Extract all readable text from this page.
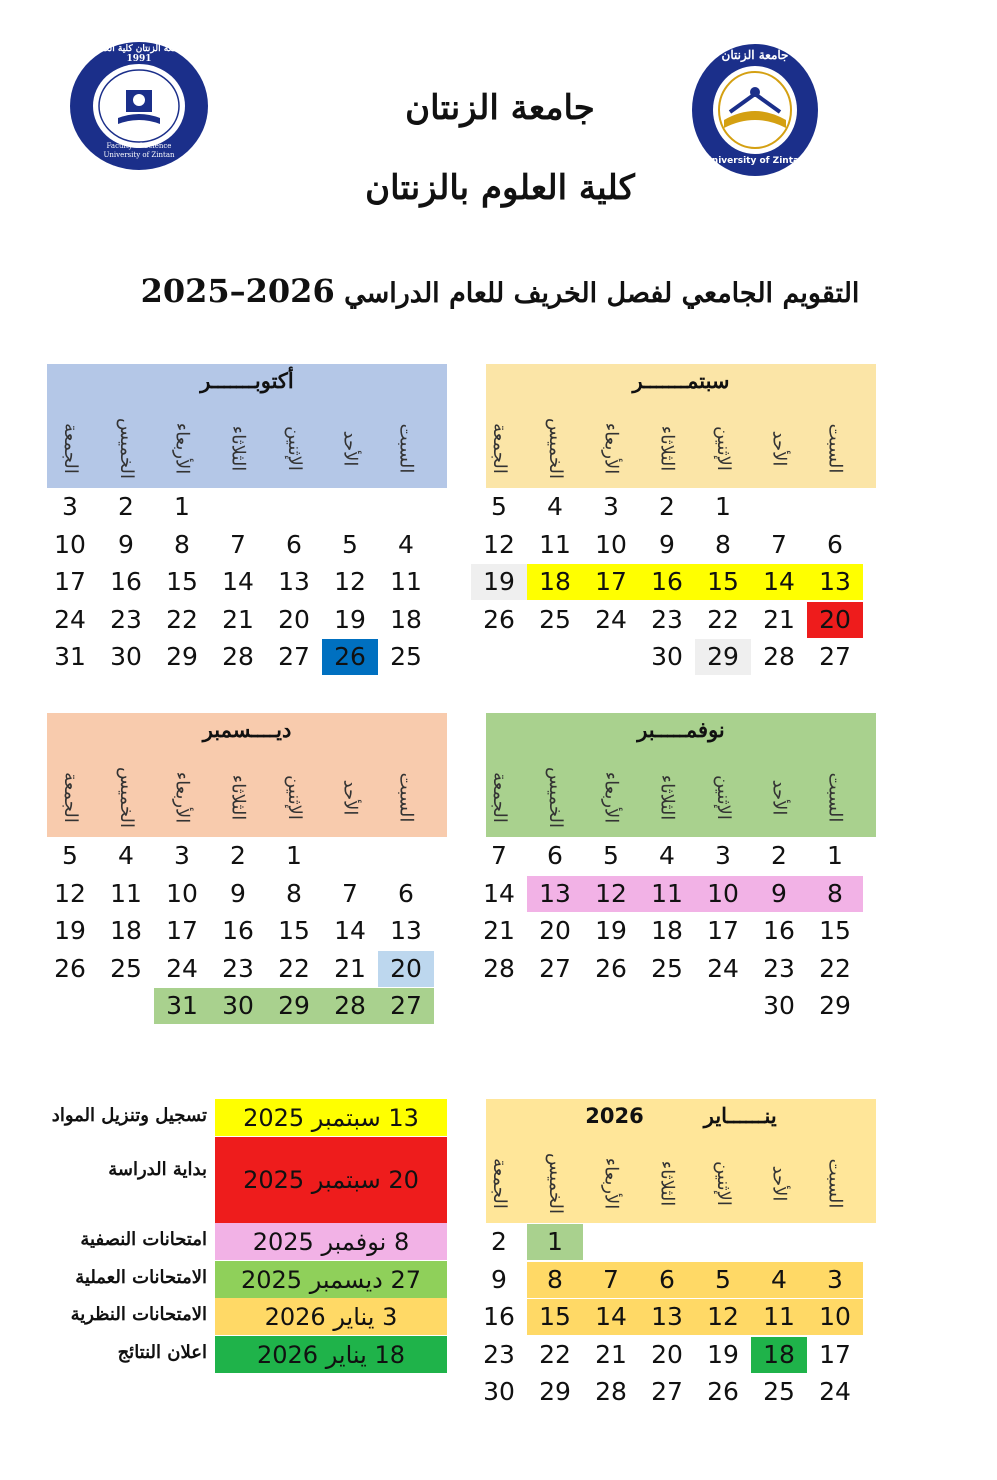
جامعة الزنتان كلية العلوم 1991
Faculty of Science University of Zintan
جامعة الزنتان
University of Zintan
جامعة الزنتان
كلية العلوم بالزنتان
التقويم الجامعي لفصل الخريف للعام الدراسي 2025–2026
سبتمـــــــر
السبت
الأحد
الإثنين
الثلاثاء
الأربعاء
الخميس
الجمعة
1
2
3
4
5
6
7
8
9
10
11
12
13
14
15
16
17
18
19
20
21
22
23
24
25
26
27
28
29
30
أكتوبـــــــر
السبت
الأحد
الإثنين
الثلاثاء
الأربعاء
الخميس
الجمعة
1
2
3
4
5
6
7
8
9
10
11
12
13
14
15
16
17
18
19
20
21
22
23
24
25
26
27
28
29
30
31
نوفمـــــبر
السبت
الأحد
الإثنين
الثلاثاء
الأربعاء
الخميس
الجمعة
1
2
3
4
5
6
7
8
9
10
11
12
13
14
15
16
17
18
19
20
21
22
23
24
25
26
27
28
29
30
ديــــسمبر
السبت
الأحد
الإثنين
الثلاثاء
الأربعاء
الخميس
الجمعة
1
2
3
4
5
6
7
8
9
10
11
12
13
14
15
16
17
18
19
20
21
22
23
24
25
26
27
28
29
30
31
ينــــــاير2026
السبت
الأحد
الإثنين
الثلاثاء
الأربعاء
الخميس
الجمعة
1
2
3
4
5
6
7
8
9
10
11
12
13
14
15
16
17
18
19
20
21
22
23
24
25
26
27
28
29
30
13 سبتمبر 2025
تسجيل وتنزيل المواد
20 سبتمبر 2025
بداية الدراسة
8 نوفمبر 2025
امتحانات النصفية
27 ديسمبر 2025
الامتحانات العملية
3 يناير 2026
الامتحانات النظرية
18 يناير 2026
اعلان النتائج
